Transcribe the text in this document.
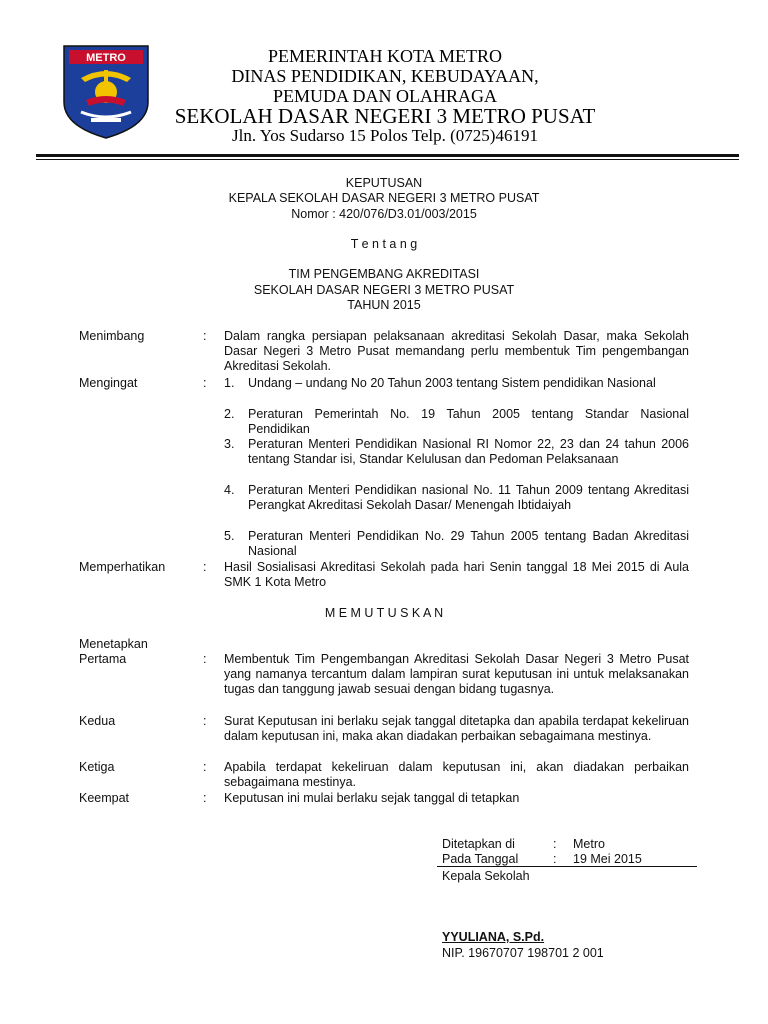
METRO	PEMERINTAH KOTA METRO
DINAS PENDIDIKAN, KEBUDAYAAN,
PEMUDA DAN OLAHRAGA
SEKOLAH DASAR NEGERI 3 METRO PUSAT
Jln. Yos Sudarso 15 Polos Telp. (0725)46191
KEPUTUSAN
KEPALA SEKOLAH DASAR NEGERI 3 METRO PUSAT
Nomor : 420/076/D3.01/003/2015
T e n t a n g
TIM PENGEMBANG AKREDITASI
SEKOLAH DASAR NEGERI 3 METRO PUSAT
TAHUN 2015
Menimbang	: Dalam rangka persiapan pelaksanaan akreditasi Sekolah Dasar, maka Sekolah Dasar Negeri 3 Metro Pusat memandang perlu membentuk Tim pengembangan Akreditasi Sekolah.
Mengingat	: 1. Undang – undang No 20 Tahun 2003 tentang Sistem pendidikan Nasional
2. Peraturan Pemerintah No. 19 Tahun 2005 tentang Standar Nasional Pendidikan
3. Peraturan Menteri Pendidikan Nasional RI Nomor 22, 23 dan 24 tahun 2006 tentang Standar isi, Standar Kelulusan dan Pedoman Pelaksanaan
4. Peraturan Menteri Pendidikan nasional No. 11 Tahun 2009 tentang Akreditasi Perangkat Akreditasi Sekolah Dasar/ Menengah Ibtidaiyah
5. Peraturan Menteri Pendidikan No. 29 Tahun 2005 tentang Badan Akreditasi Nasional
Memperhatikan	: Hasil Sosialisasi Akreditasi Sekolah pada hari Senin tanggal 18 Mei 2015 di Aula SMK 1 Kota Metro
M E M U T U S K A N
Menetapkan
Pertama	: Membentuk Tim Pengembangan Akreditasi Sekolah Dasar Negeri 3 Metro Pusat yang namanya tercantum dalam lampiran surat keputusan ini untuk melaksanakan tugas dan tanggung jawab sesuai dengan bidang tugasnya.
Kedua	: Surat Keputusan ini berlaku sejak tanggal ditetapka dan apabila terdapat kekeliruan dalam keputusan ini, maka akan diadakan perbaikan sebagaimana mestinya.
Ketiga	: Apabila terdapat kekeliruan dalam keputusan ini, akan diadakan perbaikan sebagaimana mestinya.
Keempat	: Keputusan ini mulai berlaku sejak tanggal di tetapkan
Ditetapkan di	: Metro
Pada Tanggal	: 19 Mei 2015
Kepala Sekolah
YYULIANA, S.Pd.
NIP. 19670707 198701 2 001
